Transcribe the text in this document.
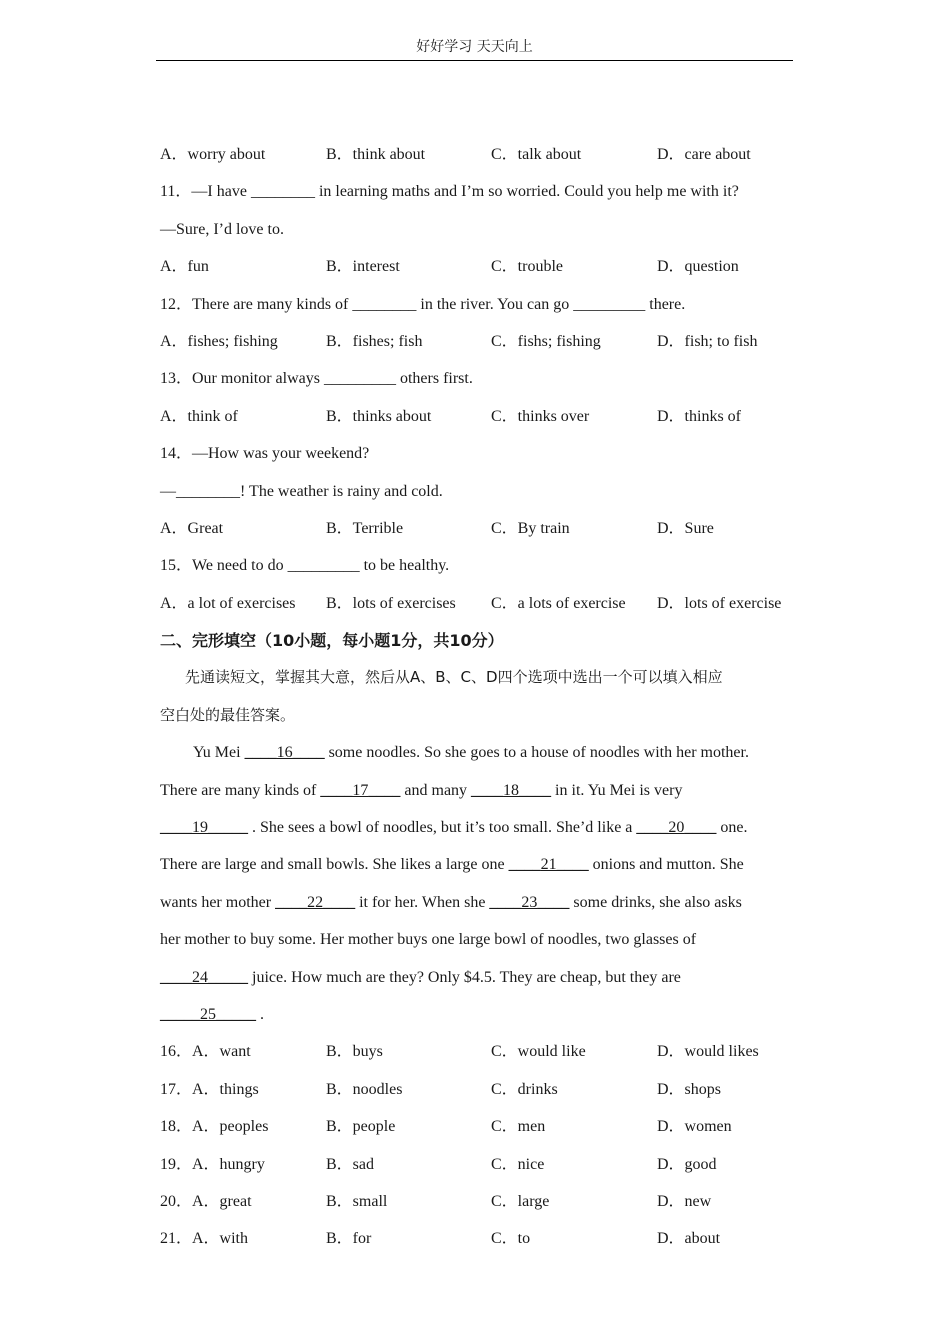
好好学习 天天向上
A．worry about	B．think about	C．talk about	D．care about
11．—I have ________ in learning maths and I’m so worried. Could you help me with it?
—Sure, I’d love to.
A．fun	B．interest	C．trouble	D．question
12．There are many kinds of ________ in the river. You can go _________ there.
A．fishes; fishing	B．fishes; fish	C．fishs; fishing	D．fish; to fish
13．Our monitor always _________ others first.
A．think of	B．thinks about	C．thinks over	D．thinks of
14．—How was your weekend?
—________! The weather is rainy and cold.
A．Great	B．Terrible	C．By train	D．Sure
15．We need to do _________ to be healthy.
A．a lot of exercises B．lots of exercises C．a lots of exercise D．lots of exercise
二、完形填空（10小题，每小题1分，共10分）
先通读短文，掌握其大意，然后从A、B、C、D四个选项中选出一个可以填入相应
空白处的最佳答案。
Yu Mei ____16____ some noodles. So she goes to a house of noodles with her mother.
There are many kinds of ____17____ and many ____18____ in it. Yu Mei is very
____19_____ . She sees a bowl of noodles, but it’s too small. She’d like a ____20____ one.
There are large and small bowls. She likes a large one ____21____ onions and mutton. She
wants her mother ____22____ it for her. When she ____23____ some drinks, she also asks
her mother to buy some. Her mother buys one large bowl of noodles, two glasses of
____24_____ juice. How much are they? Only $4.5. They are cheap, but they are
_____25_____ .
16．A．want	B．buys	C．would like	D．would likes
17．A．things	B．noodles	C．drinks	D．shops
18．A．peoples	B．people	C．men	D．women
19．A．hungry	B．sad	C．nice	D．good
20．A．great	B．small	C．large	D．new
21．A．with	B．for	C．to	D．about
